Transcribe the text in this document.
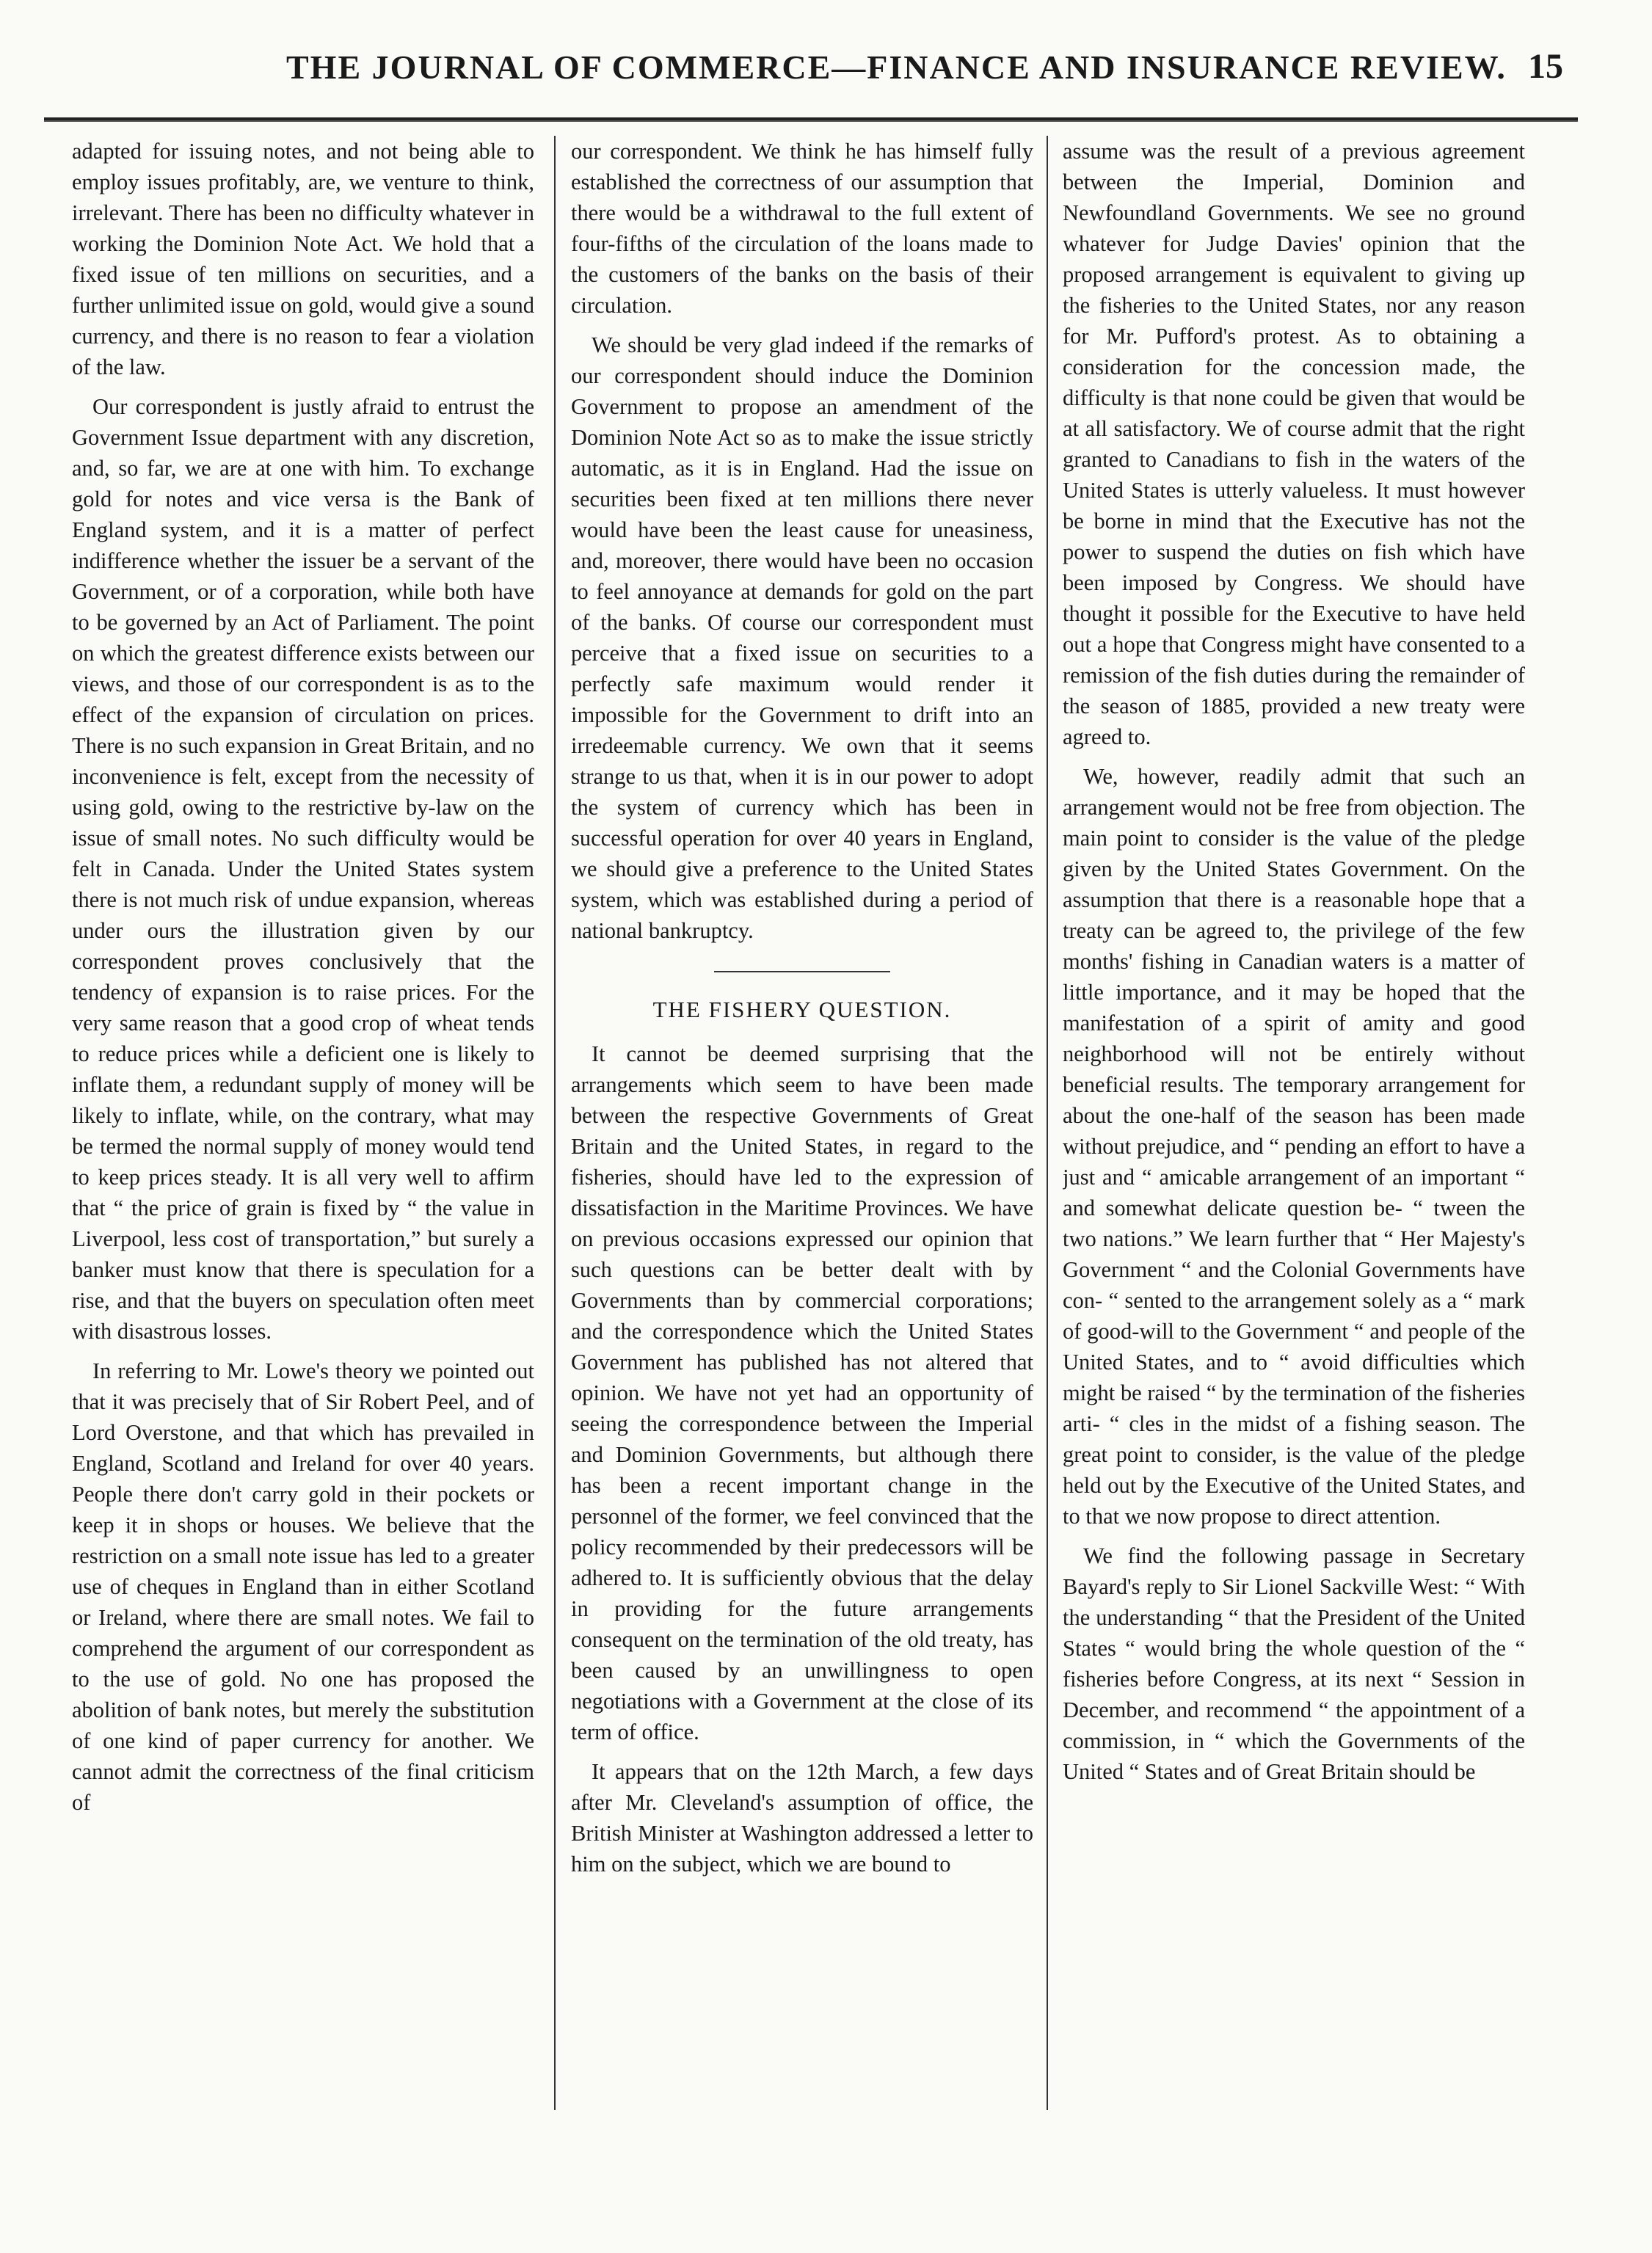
THE JOURNAL OF COMMERCE—FINANCE AND INSURANCE REVIEW. 15

adapted for issuing notes, and not being able to employ issues profitably, are, we venture to think, irrelevant. There has been no difficulty whatever in working the Dominion Note Act. We hold that a fixed issue of ten millions on securities, and a further unlimited issue on gold, would give a sound currency, and there is no reason to fear a violation of the law.

Our correspondent is justly afraid to entrust the Government Issue department with any discretion, and, so far, we are at one with him. To exchange gold for notes and vice versa is the Bank of England system, and it is a matter of perfect indifference whether the issuer be a servant of the Government, or of a corporation, while both have to be governed by an Act of Parliament. The point on which the greatest difference exists between our views, and those of our correspondent is as to the effect of the expansion of circulation on prices. There is no such expansion in Great Britain, and no inconvenience is felt, except from the necessity of using gold, owing to the restrictive by-law on the issue of small notes. No such difficulty would be felt in Canada. Under the United States system there is not much risk of undue expansion, whereas under ours the illustration given by our correspondent proves conclusively that the tendency of expansion is to raise prices. For the very same reason that a good crop of wheat tends to reduce prices while a deficient one is likely to inflate them, a redundant supply of money will be likely to inflate, while, on the contrary, what may be termed the normal supply of money would tend to keep prices steady. It is all very well to affirm that “ the price of grain is fixed by “ the value in Liverpool, less cost of transportation,” but surely a banker must know that there is speculation for a rise, and that the buyers on speculation often meet with disastrous losses.

In referring to Mr. Lowe's theory we pointed out that it was precisely that of Sir Robert Peel, and of Lord Overstone, and that which has prevailed in England, Scotland and Ireland for over 40 years. People there don't carry gold in their pockets or keep it in shops or houses. We believe that the restriction on a small note issue has led to a greater use of cheques in England than in either Scotland or Ireland, where there are small notes. We fail to comprehend the argument of our correspondent as to the use of gold. No one has proposed the abolition of bank notes, but merely the substitution of one kind of paper currency for another. We cannot admit the correctness of the final criticism of

our correspondent. We think he has himself fully established the correctness of our assumption that there would be a withdrawal to the full extent of four-fifths of the circulation of the loans made to the customers of the banks on the basis of their circulation.

We should be very glad indeed if the remarks of our correspondent should induce the Dominion Government to propose an amendment of the Dominion Note Act so as to make the issue strictly automatic, as it is in England. Had the issue on securities been fixed at ten millions there never would have been the least cause for uneasiness, and, moreover, there would have been no occasion to feel annoyance at demands for gold on the part of the banks. Of course our correspondent must perceive that a fixed issue on securities to a perfectly safe maximum would render it impossible for the Government to drift into an irredeemable currency. We own that it seems strange to us that, when it is in our power to adopt the system of currency which has been in successful operation for over 40 years in England, we should give a preference to the United States system, which was established during a period of national bankruptcy.

THE FISHERY QUESTION.

It cannot be deemed surprising that the arrangements which seem to have been made between the respective Governments of Great Britain and the United States, in regard to the fisheries, should have led to the expression of dissatisfaction in the Maritime Provinces. We have on previous occasions expressed our opinion that such questions can be better dealt with by Governments than by commercial corporations; and the correspondence which the United States Government has published has not altered that opinion. We have not yet had an opportunity of seeing the correspondence between the Imperial and Dominion Governments, but although there has been a recent important change in the personnel of the former, we feel convinced that the policy recommended by their predecessors will be adhered to. It is sufficiently obvious that the delay in providing for the future arrangements consequent on the termination of the old treaty, has been caused by an unwillingness to open negotiations with a Government at the close of its term of office.

It appears that on the 12th March, a few days after Mr. Cleveland's assumption of office, the British Minister at Washington addressed a letter to him on the subject, which we are bound to

assume was the result of a previous agreement between the Imperial, Dominion and Newfoundland Governments. We see no ground whatever for Judge Davies' opinion that the proposed arrangement is equivalent to giving up the fisheries to the United States, nor any reason for Mr. Pufford's protest. As to obtaining a consideration for the concession made, the difficulty is that none could be given that would be at all satisfactory. We of course admit that the right granted to Canadians to fish in the waters of the United States is utterly valueless. It must however be borne in mind that the Executive has not the power to suspend the duties on fish which have been imposed by Congress. We should have thought it possible for the Executive to have held out a hope that Congress might have consented to a remission of the fish duties during the remainder of the season of 1885, provided a new treaty were agreed to.

We, however, readily admit that such an arrangement would not be free from objection. The main point to consider is the value of the pledge given by the United States Government. On the assumption that there is a reasonable hope that a treaty can be agreed to, the privilege of the few months' fishing in Canadian waters is a matter of little importance, and it may be hoped that the manifestation of a spirit of amity and good neighborhood will not be entirely without beneficial results. The temporary arrangement for about the one-half of the season has been made without prejudice, and “ pending an effort to have a just and “ amicable arrangement of an important “ and somewhat delicate question be- “ tween the two nations.” We learn further that “ Her Majesty's Government “ and the Colonial Governments have con- “ sented to the arrangement solely as a “ mark of good-will to the Government “ and people of the United States, and to “ avoid difficulties which might be raised “ by the termination of the fisheries arti- “ cles in the midst of a fishing season. The great point to consider, is the value of the pledge held out by the Executive of the United States, and to that we now propose to direct attention.

We find the following passage in Secretary Bayard's reply to Sir Lionel Sackville West: “ With the understanding “ that the President of the United States “ would bring the whole question of the “ fisheries before Congress, at its next “ Session in December, and recommend “ the appointment of a commission, in “ which the Governments of the United “ States and of Great Britain should be
